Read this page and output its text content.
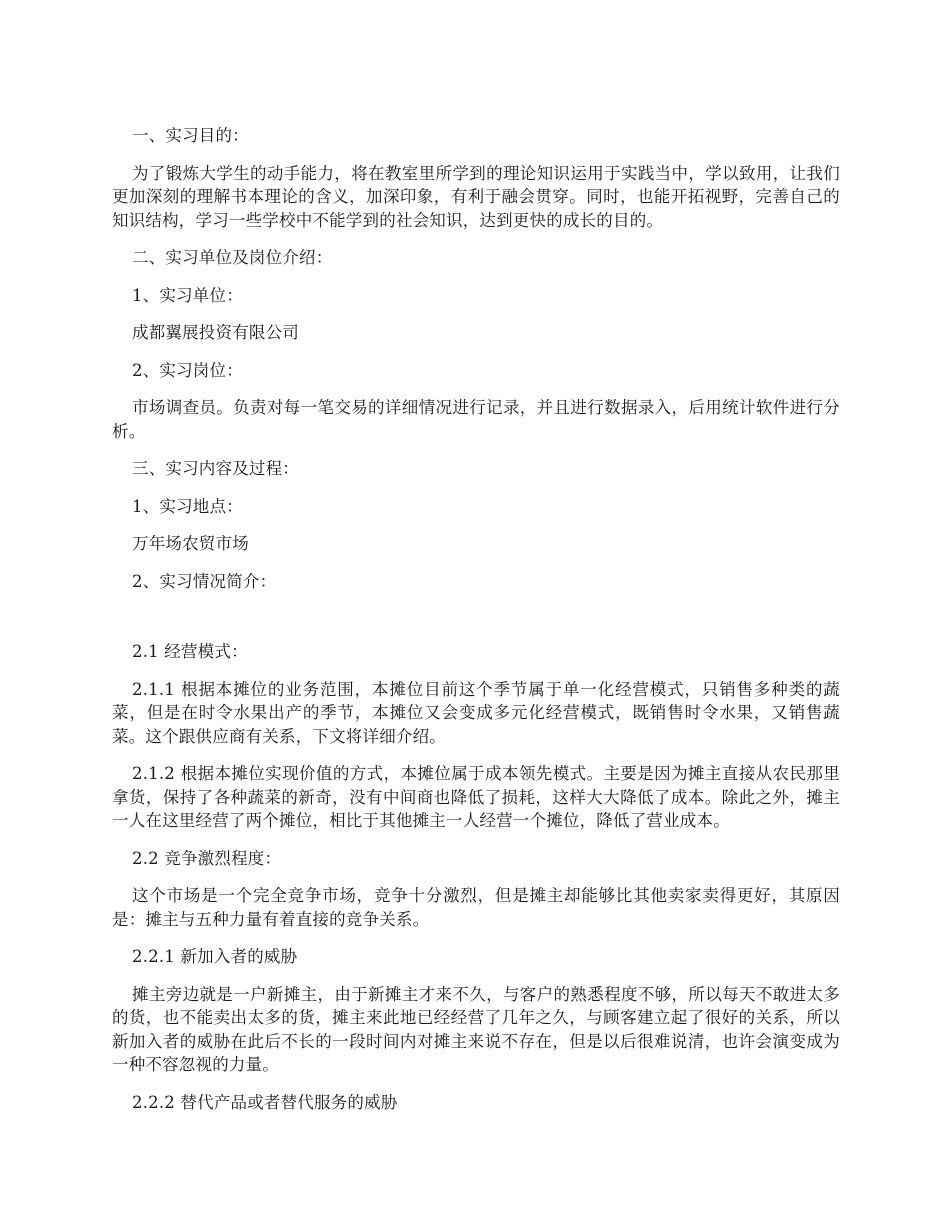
一、实习目的：

为了锻炼大学生的动手能力，将在教室里所学到的理论知识运用于实践当中，学以致用，让我们更加深刻的理解书本理论的含义，加深印象，有利于融会贯穿。同时，也能开拓视野，完善自己的知识结构，学习一些学校中不能学到的社会知识，达到更快的成长的目的。

二、实习单位及岗位介绍：

1、实习单位：

成都翼展投资有限公司

2、实习岗位：

市场调查员。负责对每一笔交易的详细情况进行记录，并且进行数据录入，后用统计软件进行分析。

三、实习内容及过程：

1、实习地点：

万年场农贸市场

2、实习情况简介：

2.1 经营模式：

2.1.1 根据本摊位的业务范围，本摊位目前这个季节属于单一化经营模式，只销售多种类的蔬菜，但是在时令水果出产的季节，本摊位又会变成多元化经营模式，既销售时令水果，又销售蔬菜。这个跟供应商有关系，下文将详细介绍。

2.1.2 根据本摊位实现价值的方式，本摊位属于成本领先模式。主要是因为摊主直接从农民那里拿货，保持了各种蔬菜的新奇，没有中间商也降低了损耗，这样大大降低了成本。除此之外，摊主一人在这里经营了两个摊位，相比于其他摊主一人经营一个摊位，降低了营业成本。

2.2 竞争激烈程度：

这个市场是一个完全竞争市场，竞争十分激烈，但是摊主却能够比其他卖家卖得更好，其原因是：摊主与五种力量有着直接的竞争关系。

2.2.1 新加入者的威胁

摊主旁边就是一户新摊主，由于新摊主才来不久，与客户的熟悉程度不够，所以每天不敢进太多的货，也不能卖出太多的货，摊主来此地已经经营了几年之久，与顾客建立起了很好的关系，所以新加入者的威胁在此后不长的一段时间内对摊主来说不存在，但是以后很难说清，也许会演变成为一种不容忽视的力量。

2.2.2 替代产品或者替代服务的威胁
